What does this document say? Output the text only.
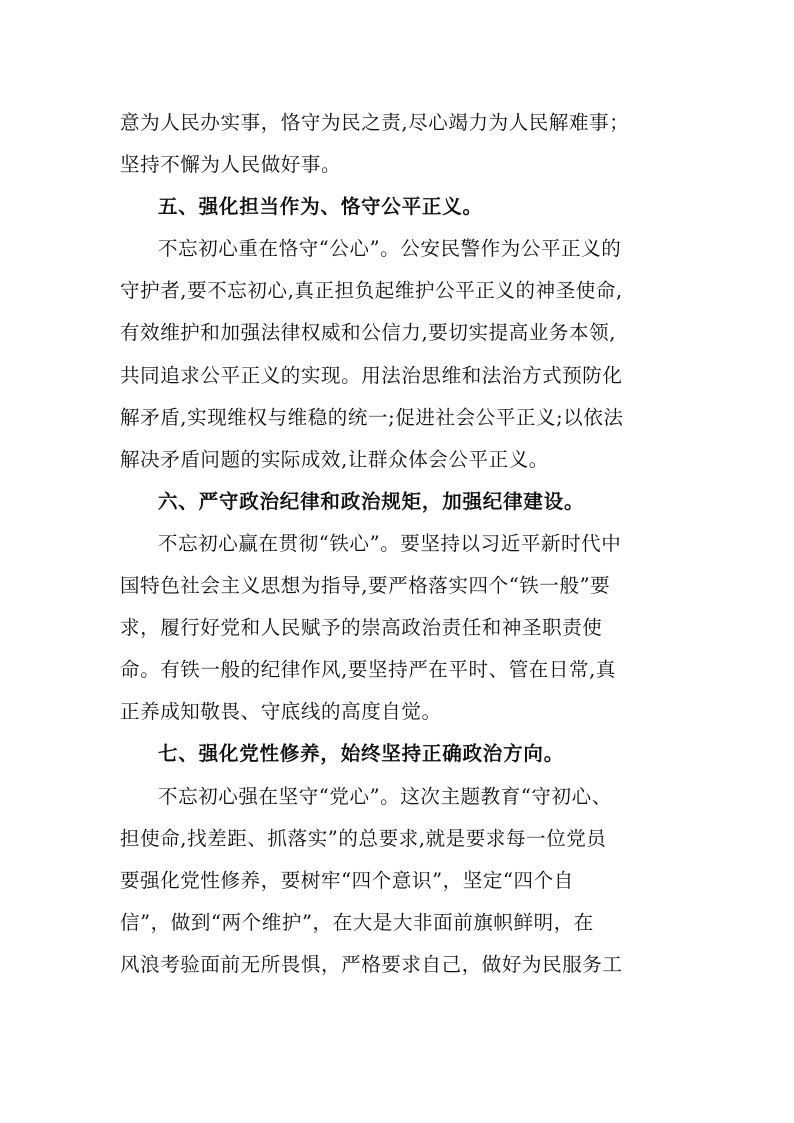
意为人民办实事，恪守为民之责,尽心竭力为人民解难事；
坚持不懈为人民做好事。
五、强化担当作为、恪守公平正义。
不忘初心重在恪守“公心”。公安民警作为公平正义的
守护者,要不忘初心,真正担负起维护公平正义的神圣使命,
有效维护和加强法律权威和公信力,要切实提高业务本领,
共同追求公平正义的实现。用法治思维和法治方式预防化
解矛盾,实现维权与维稳的统一;促进社会公平正义;以依法
解决矛盾问题的实际成效,让群众体会公平正义。
六、严守政治纪律和政治规矩，加强纪律建设。
不忘初心赢在贯彻“铁心”。要坚持以习近平新时代中
国特色社会主义思想为指导,要严格落实四个“铁一般”要
求，履行好党和人民赋予的崇高政治责任和神圣职责使
命。有铁一般的纪律作风,要坚持严在平时、管在日常,真
正养成知敬畏、守底线的高度自觉。
七、强化党性修养，始终坚持正确政治方向。
不忘初心强在坚守“党心”。这次主题教育“守初心、
担使命,找差距、抓落实”的总要求,就是要求每一位党员
要强化党性修养，要树牢“四个意识”，坚定“四个自
信”，做到“两个维护”，在大是大非面前旗帜鲜明，在
风浪考验面前无所畏惧，严格要求自己，做好为民服务工
